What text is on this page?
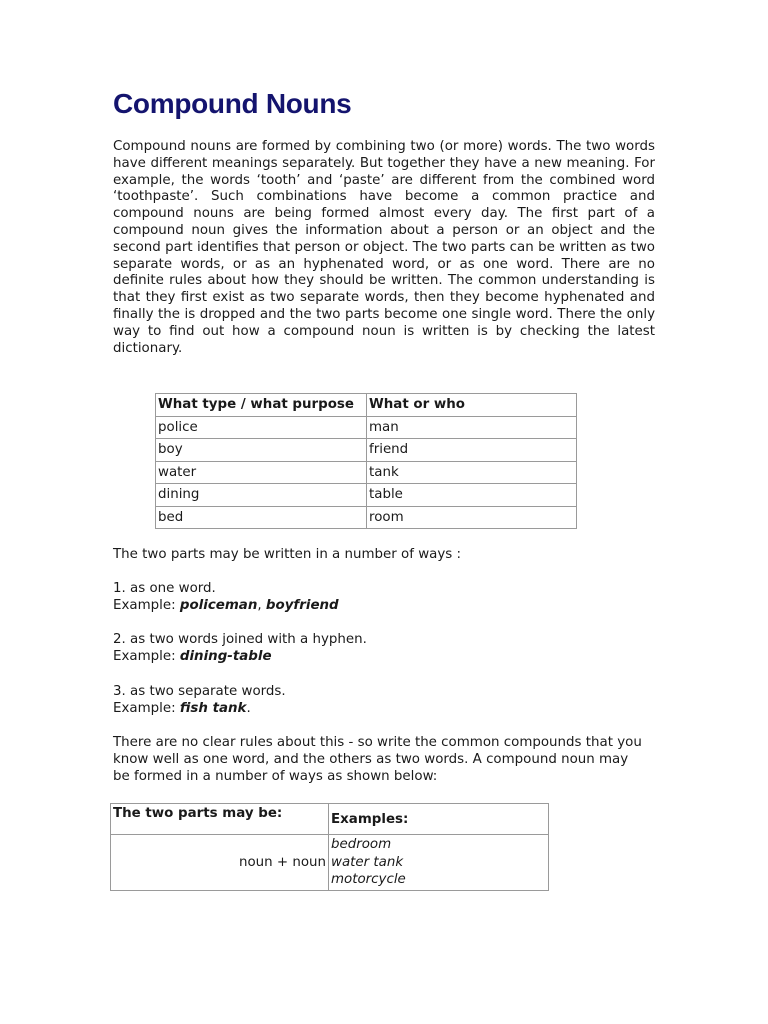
Compound Nouns

Compound nouns are formed by combining two (or more) words. The two words have different meanings separately. But together they have a new meaning. For example, the words ‘tooth’ and ‘paste’ are different from the combined word ‘toothpaste’. Such combinations have become a common practice and compound nouns are being formed almost every day. The first part of a compound noun gives the information about a person or an object and the second part identifies that person or object. The two parts can be written as two separate words, or as an hyphenated word, or as one word. There are no definite rules about how they should be written. The common understanding is that they first exist as two separate words, then they become hyphenated and finally the is dropped and the two parts become one single word. There the only way to find out how a compound noun is written is by checking the latest dictionary.

What type / what purpose	What or who
police	man
boy	friend
water	tank
dining	table
bed	room

The two parts may be written in a number of ways :

1. as one word.
Example: policeman, boyfriend

2. as two words joined with a hyphen.
Example: dining-table

3. as two separate words.
Example: fish tank.

There are no clear rules about this - so write the common compounds that you know well as one word, and the others as two words. A compound noun may be formed in a number of ways as shown below:

The two parts may be:	Examples:
noun + noun	bedroom
water tank
motorcycle
